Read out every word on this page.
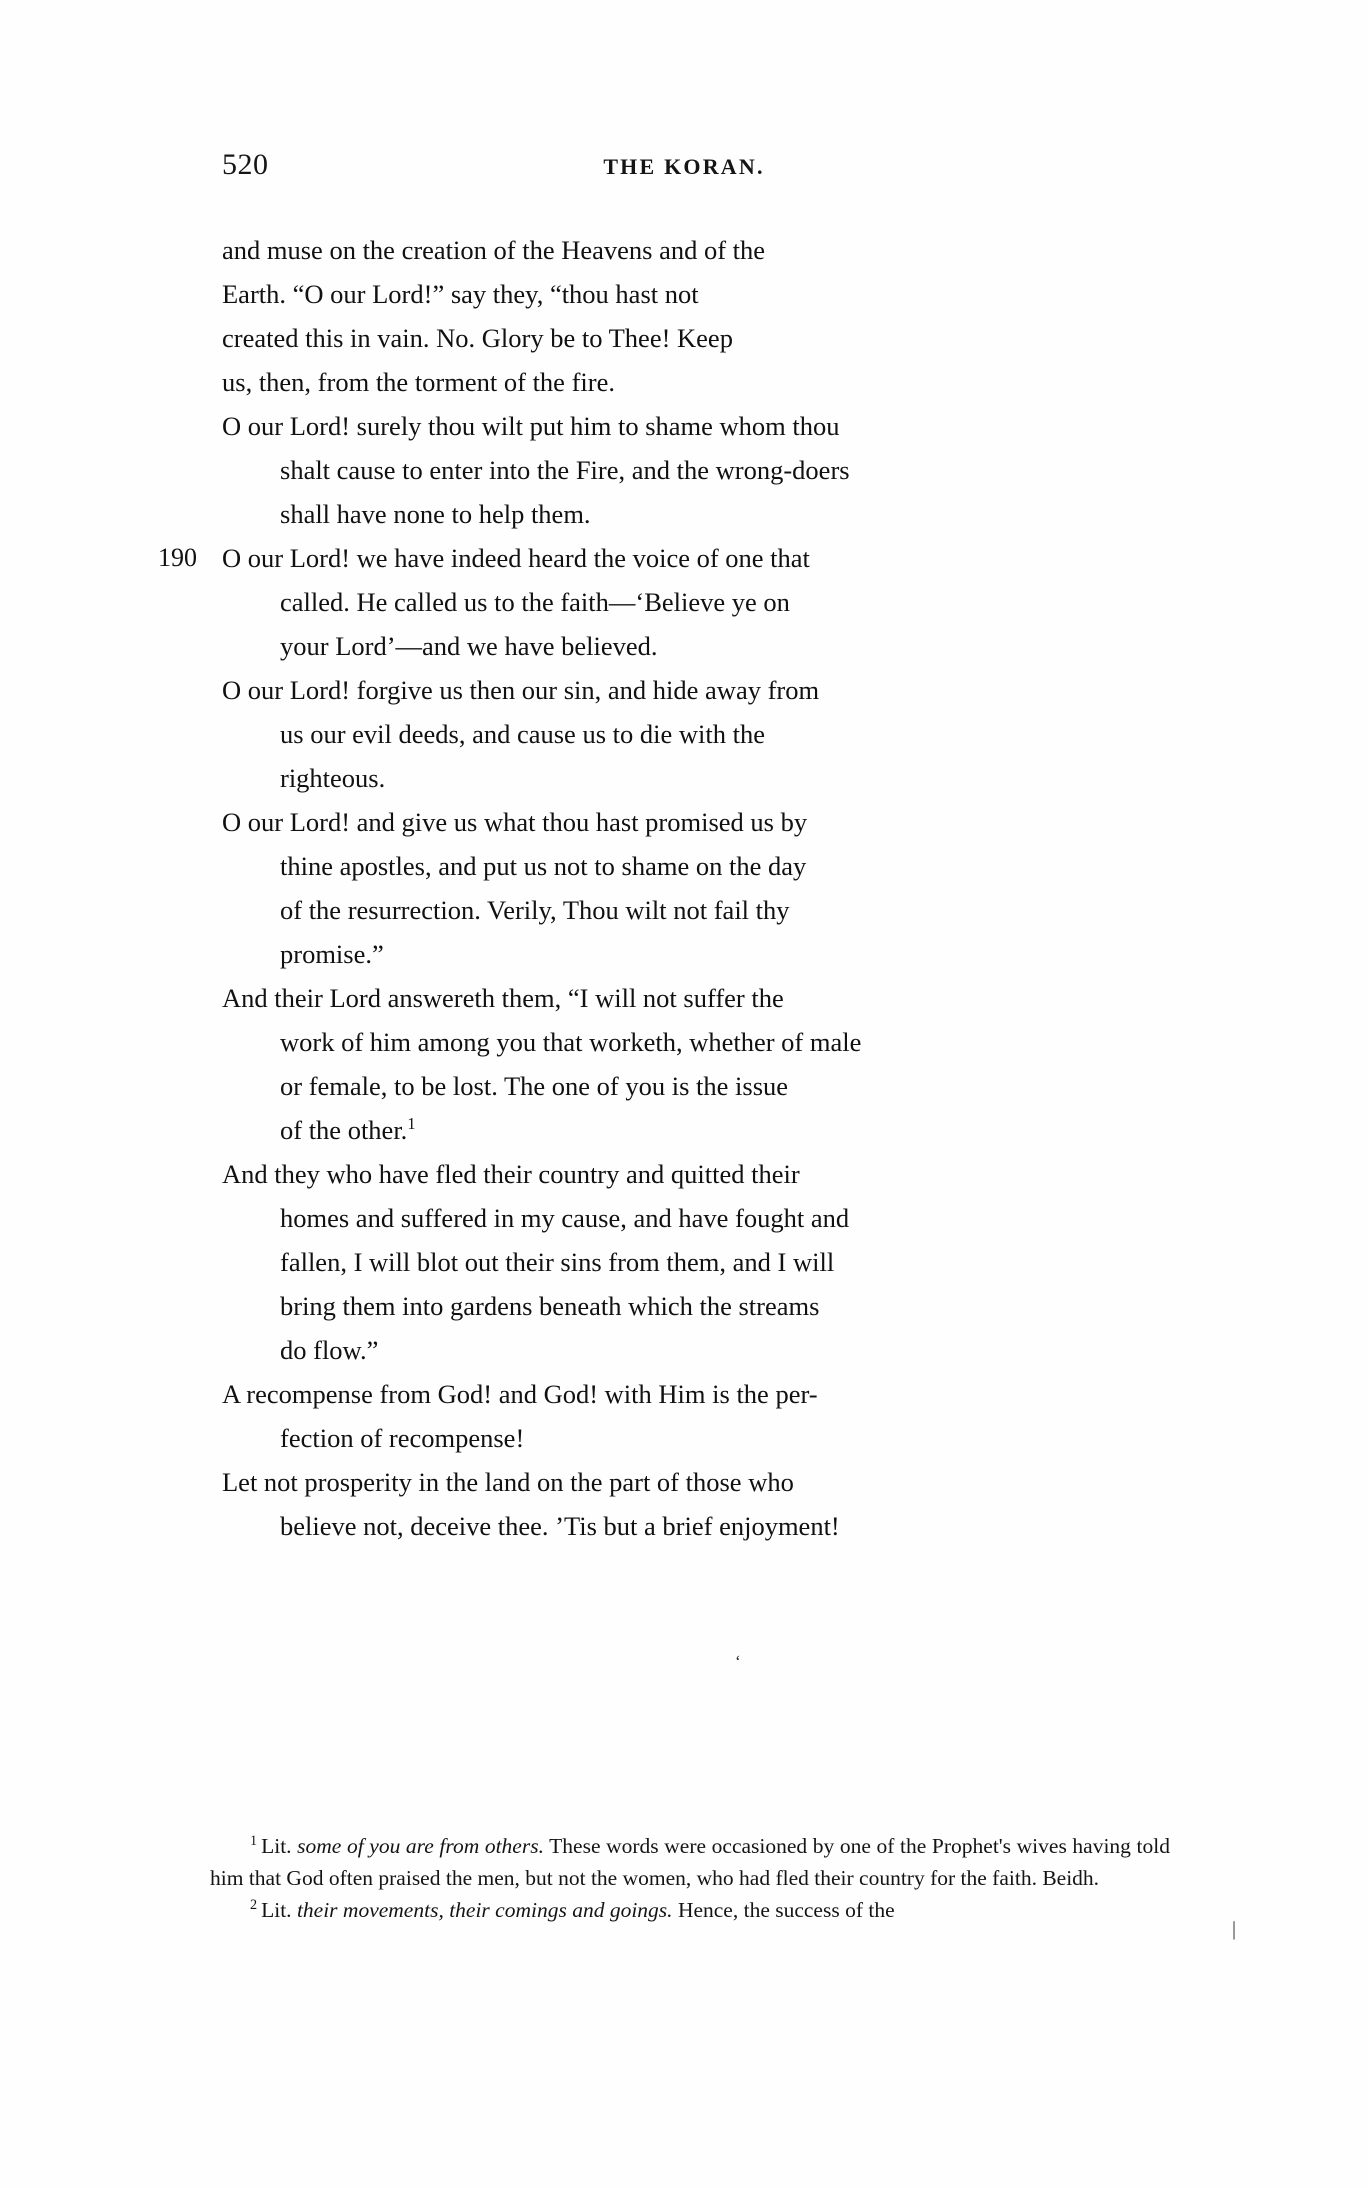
520	THE KORAN.
and muse on the creation of the Heavens and of the
Earth. “O our Lord!” say they, “thou hast not
created this in vain. No. Glory be to Thee! Keep
us, then, from the torment of the fire.
O our Lord! surely thou wilt put him to shame whom thou
shalt cause to enter into the Fire, and the wrong-doers
shall have none to help them.
190 O our Lord! we have indeed heard the voice of one that
called. He called us to the faith—‘Believe ye on
your Lord’—and we have believed.
O our Lord! forgive us then our sin, and hide away from
us our evil deeds, and cause us to die with the
righteous.
O our Lord! and give us what thou hast promised us by
thine apostles, and put us not to shame on the day
of the resurrection. Verily, Thou wilt not fail thy
promise.”
And their Lord answereth them, “I will not suffer the
work of him among you that worketh, whether of male
or female, to be lost. The one of you is the issue
of the other.$^1$
And they who have fled their country and quitted their
homes and suffered in my cause, and have fought and
fallen, I will blot out their sins from them, and I will
bring them into gardens beneath which the streams
do flow.”
A recompense from God! and God! with Him is the per-
fection of recompense!
Let not prosperity in the land on the part of those who
believe not, deceive thee. ’Tis but a brief enjoyment!
‘

$^1$ Lit. some of you are from others. These words were occasioned by one of the Prophet's wives having told him that God often praised the men, but not the women, who had fled their country for the faith. Beidh.

$^2$ Lit. their movements, their comings and goings. Hence, the success of the

|
